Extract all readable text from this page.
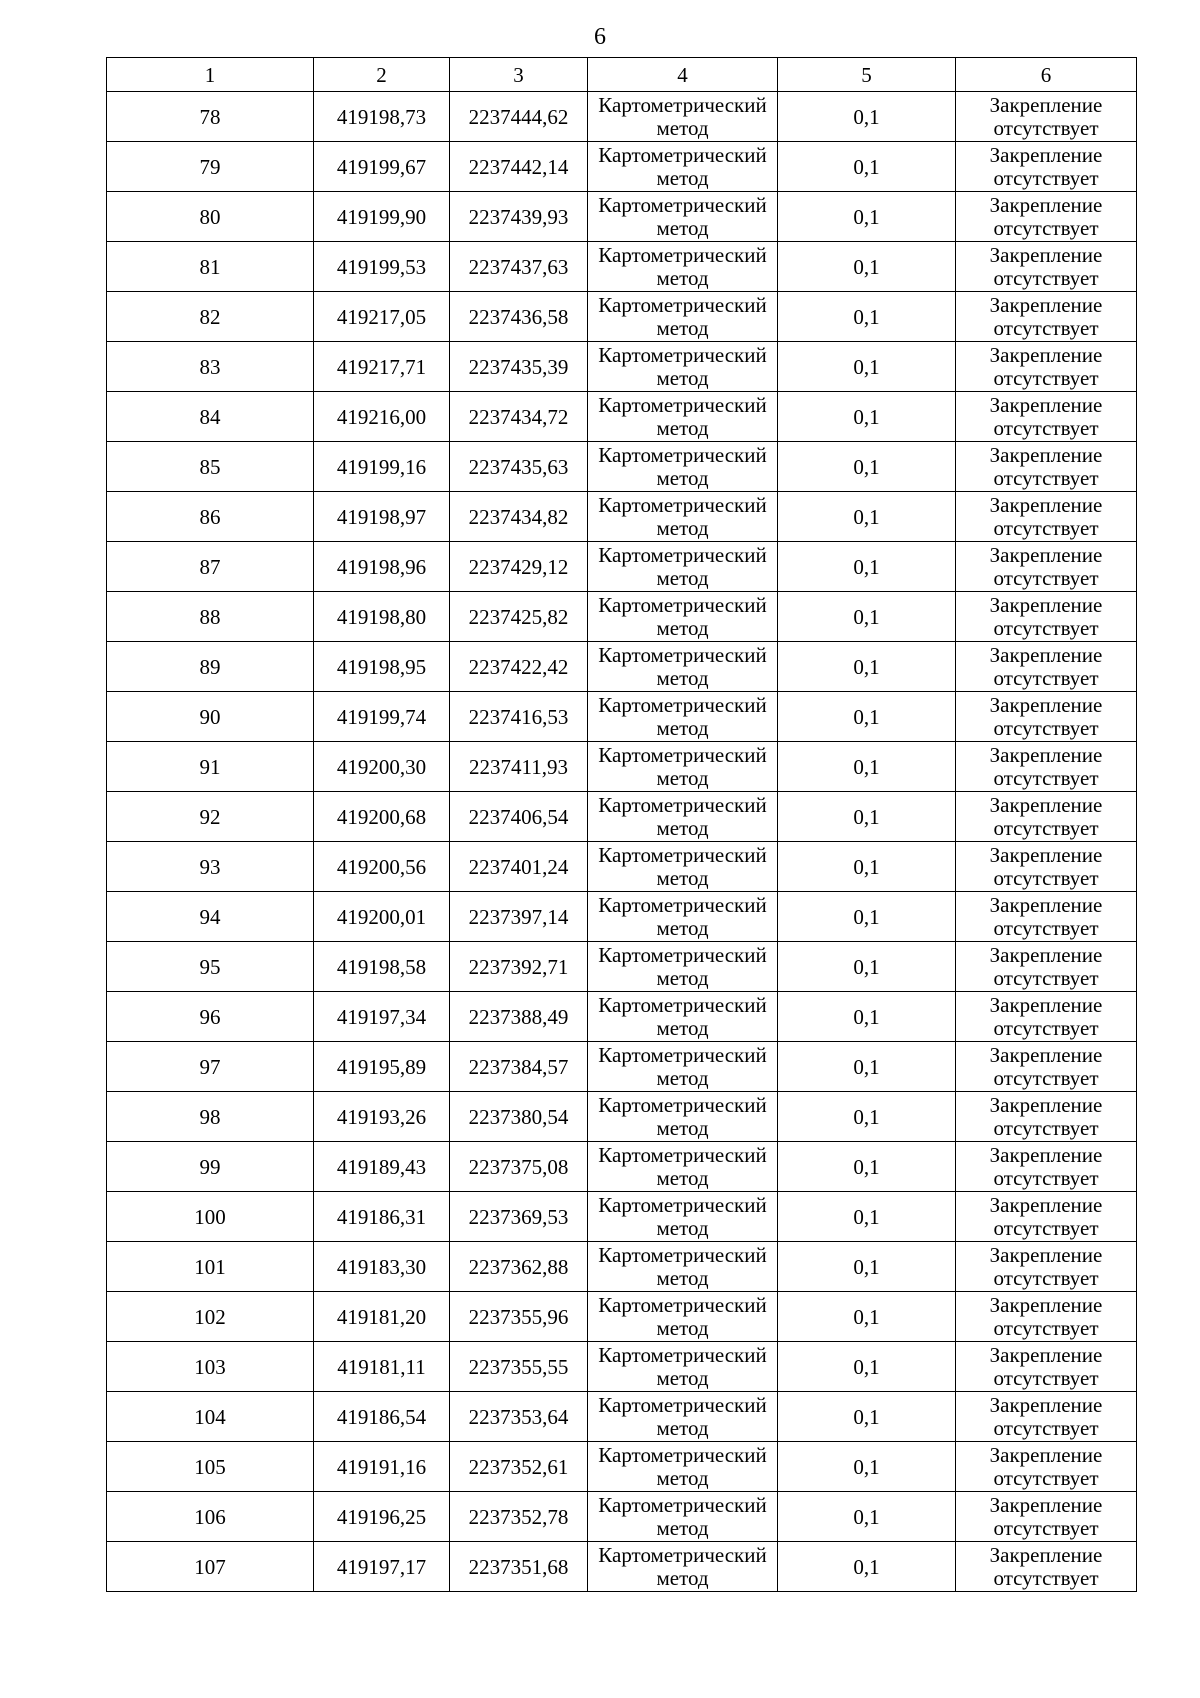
6
1	2	3	4	5	6
78	419198,73	2237444,62	Картометрический метод	0,1	Закрепление отсутствует

79	419199,67	2237442,14	Картометрический метод	0,1	Закрепление отсутствует

80	419199,90	2237439,93	Картометрический метод	0,1	Закрепление отсутствует

81	419199,53	2237437,63	Картометрический метод	0,1	Закрепление отсутствует

82	419217,05	2237436,58	Картометрический метод	0,1	Закрепление отсутствует

83	419217,71	2237435,39	Картометрический метод	0,1	Закрепление отсутствует

84	419216,00	2237434,72	Картометрический метод	0,1	Закрепление отсутствует

85	419199,16	2237435,63	Картометрический метод	0,1	Закрепление отсутствует

86	419198,97	2237434,82	Картометрический метод	0,1	Закрепление отсутствует

87	419198,96	2237429,12	Картометрический метод	0,1	Закрепление отсутствует

88	419198,80	2237425,82	Картометрический метод	0,1	Закрепление отсутствует

89	419198,95	2237422,42	Картометрический метод	0,1	Закрепление отсутствует

90	419199,74	2237416,53	Картометрический метод	0,1	Закрепление отсутствует

91	419200,30	2237411,93	Картометрический метод	0,1	Закрепление отсутствует

92	419200,68	2237406,54	Картометрический метод	0,1	Закрепление отсутствует

93	419200,56	2237401,24	Картометрический метод	0,1	Закрепление отсутствует

94	419200,01	2237397,14	Картометрический метод	0,1	Закрепление отсутствует

95	419198,58	2237392,71	Картометрический метод	0,1	Закрепление отсутствует

96	419197,34	2237388,49	Картометрический метод	0,1	Закрепление отсутствует

97	419195,89	2237384,57	Картометрический метод	0,1	Закрепление отсутствует

98	419193,26	2237380,54	Картометрический метод	0,1	Закрепление отсутствует

99	419189,43	2237375,08	Картометрический метод	0,1	Закрепление отсутствует

100	419186,31	2237369,53	Картометрический метод	0,1	Закрепление отсутствует

101	419183,30	2237362,88	Картометрический метод	0,1	Закрепление отсутствует

102	419181,20	2237355,96	Картометрический метод	0,1	Закрепление отсутствует

103	419181,11	2237355,55	Картометрический метод	0,1	Закрепление отсутствует

104	419186,54	2237353,64	Картометрический метод	0,1	Закрепление отсутствует

105	419191,16	2237352,61	Картометрический метод	0,1	Закрепление отсутствует

106	419196,25	2237352,78	Картометрический метод	0,1	Закрепление отсутствует

107	419197,17	2237351,68	Картометрический метод	0,1	Закрепление отсутствует
